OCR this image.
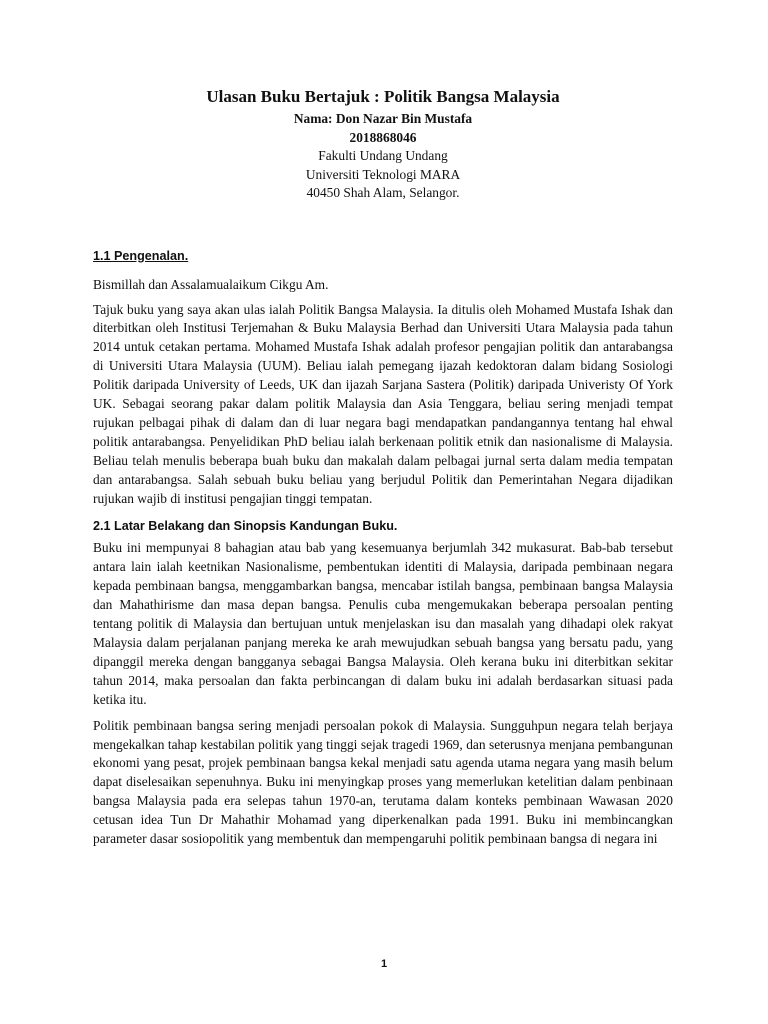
Ulasan Buku Bertajuk : Politik Bangsa Malaysia

Nama: Don Nazar Bin Mustafa

2018868046

Fakulti Undang Undang

Universiti Teknologi MARA

40450 Shah Alam, Selangor.

1.1 Pengenalan.

Bismillah dan Assalamualaikum Cikgu Am.

Tajuk buku yang saya akan ulas ialah Politik Bangsa Malaysia. Ia ditulis oleh Mohamed Mustafa Ishak dan diterbitkan oleh Institusi Terjemahan & Buku Malaysia Berhad dan Universiti Utara Malaysia pada tahun 2014 untuk cetakan pertama. Mohamed Mustafa Ishak adalah profesor pengajian politik dan antarabangsa di Universiti Utara Malaysia (UUM). Beliau ialah pemegang ijazah kedoktoran dalam bidang Sosiologi Politik daripada University of Leeds, UK dan ijazah Sarjana Sastera (Politik) daripada Univeristy Of York UK. Sebagai seorang pakar dalam politik Malaysia dan Asia Tenggara, beliau sering menjadi tempat rujukan pelbagai pihak di dalam dan di luar negara bagi mendapatkan pandangannya tentang hal ehwal politik antarabangsa. Penyelidikan PhD beliau ialah berkenaan politik etnik dan nasionalisme di Malaysia. Beliau telah menulis beberapa buah buku dan makalah dalam pelbagai jurnal serta dalam media tempatan dan antarabangsa. Salah sebuah buku beliau yang berjudul Politik dan Pemerintahan Negara dijadikan rujukan wajib di institusi pengajian tinggi tempatan.

2.1 Latar Belakang dan Sinopsis Kandungan Buku.

Buku ini mempunyai 8 bahagian atau bab yang kesemuanya berjumlah 342 mukasurat. Bab-bab tersebut antara lain ialah keetnikan Nasionalisme, pembentukan identiti di Malaysia, daripada pembinaan negara kepada pembinaan bangsa, menggambarkan bangsa, mencabar istilah bangsa, pembinaan bangsa Malaysia dan Mahathirisme dan masa depan bangsa. Penulis cuba mengemukakan beberapa persoalan penting tentang politik di Malaysia dan bertujuan untuk menjelaskan isu dan masalah yang dihadapi olek rakyat Malaysia dalam perjalanan panjang mereka ke arah mewujudkan sebuah bangsa yang bersatu padu, yang dipanggil mereka dengan bangganya sebagai Bangsa Malaysia. Oleh kerana buku ini diterbitkan sekitar tahun 2014, maka persoalan dan fakta perbincangan di dalam buku ini adalah berdasarkan situasi pada ketika itu.

Politik pembinaan bangsa sering menjadi persoalan pokok di Malaysia. Sungguhpun negara telah berjaya mengekalkan tahap kestabilan politik yang tinggi sejak tragedi 1969, dan seterusnya menjana pembangunan ekonomi yang pesat, projek pembinaan bangsa kekal menjadi satu agenda utama negara yang masih belum dapat diselesaikan sepenuhnya. Buku ini menyingkap proses yang memerlukan ketelitian dalam penbinaan bangsa Malaysia pada era selepas tahun 1970-an, terutama dalam konteks pembinaan Wawasan 2020 cetusan idea Tun Dr Mahathir Mohamad yang diperkenalkan pada 1991. Buku ini membincangkan parameter dasar sosiopolitik yang membentuk dan mempengaruhi politik pembinaan bangsa di negara ini

1
